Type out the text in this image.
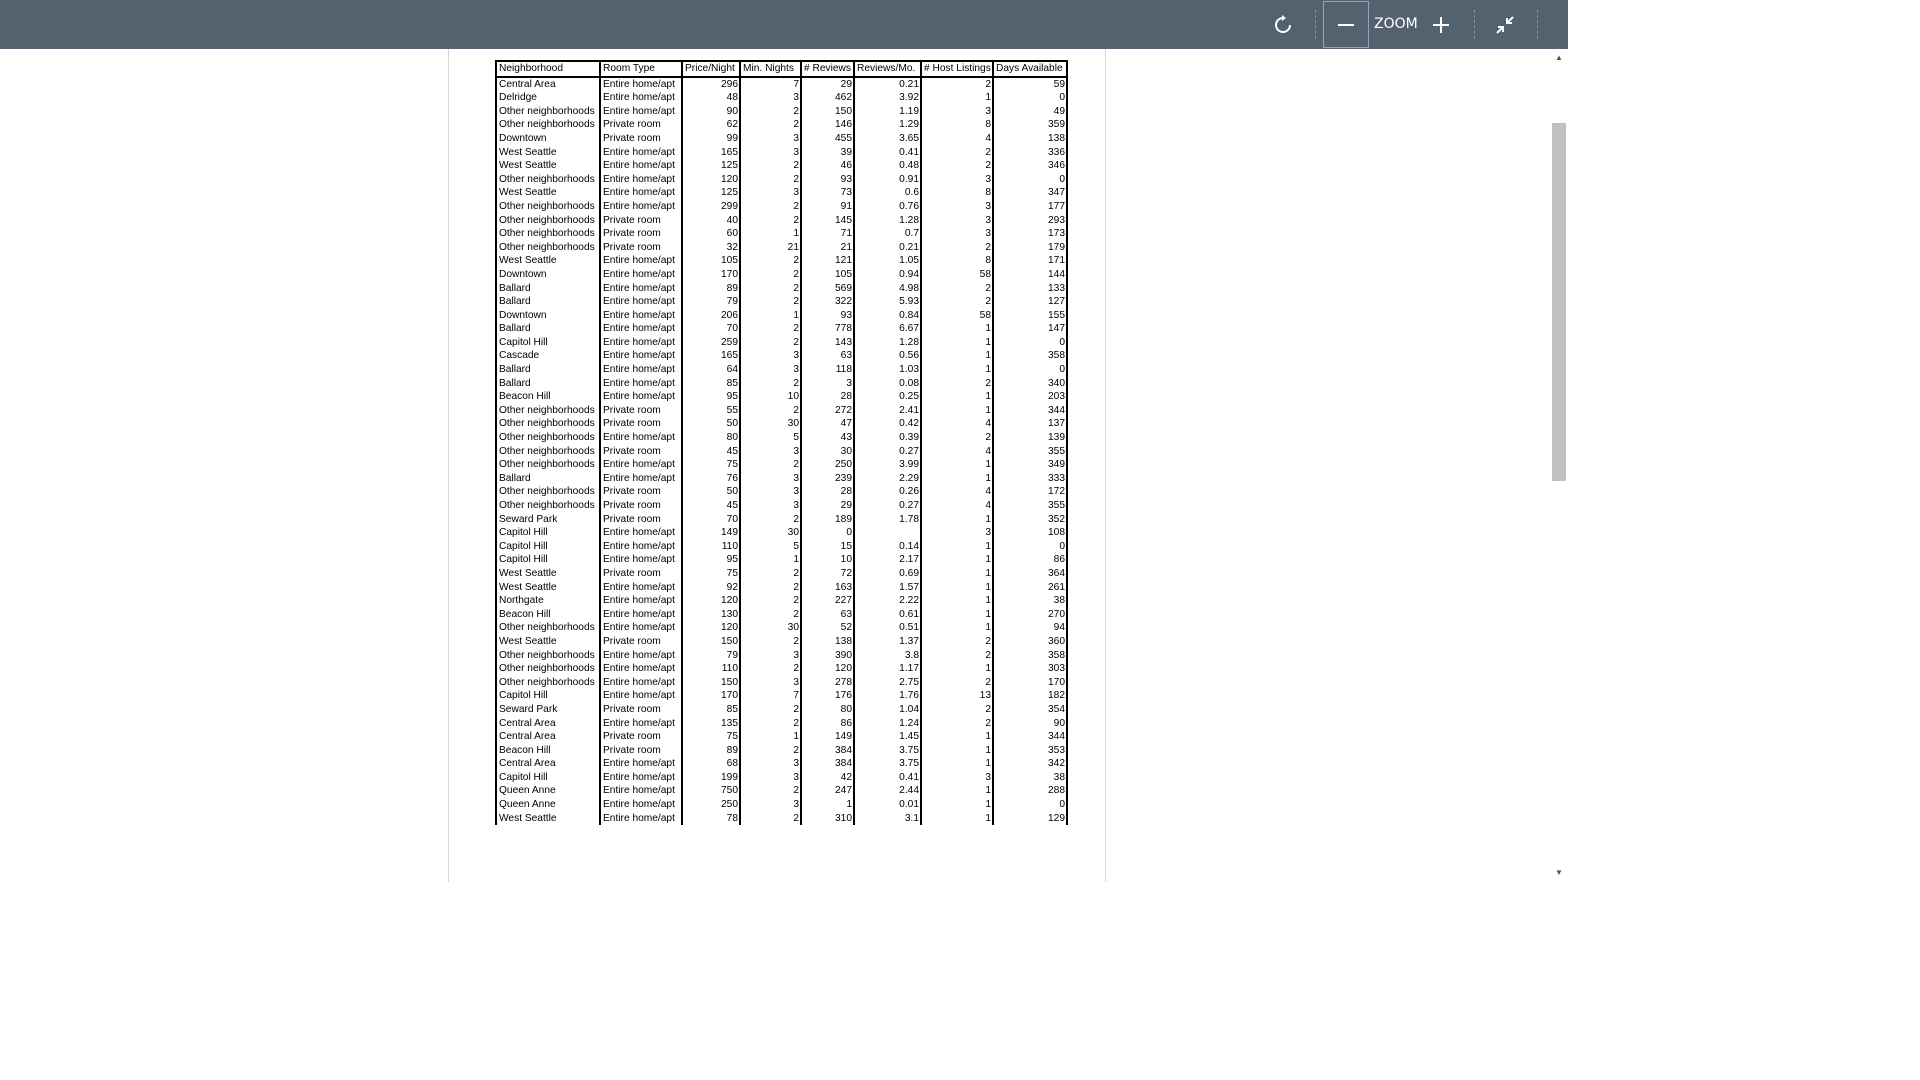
ZOOM
Neighborhood	Room Type	Price/Night	Min. Nights	# Reviews	Reviews/Mo.	# Host Listings	Days Available
Central Area	Entire home/apt	296	7	29	0.21	2	59
Delridge	Entire home/apt	48	3	462	3.92	1	0
Other neighborhoods	Entire home/apt	90	2	150	1.19	3	49
Other neighborhoods	Private room	62	2	146	1.29	8	359
Downtown	Private room	99	3	455	3.65	4	138
West Seattle	Entire home/apt	165	3	39	0.41	2	336
West Seattle	Entire home/apt	125	2	46	0.48	2	346
Other neighborhoods	Entire home/apt	120	2	93	0.91	3	0
West Seattle	Entire home/apt	125	3	73	0.6	8	347
Other neighborhoods	Entire home/apt	299	2	91	0.76	3	177
Other neighborhoods	Private room	40	2	145	1.28	3	293
Other neighborhoods	Private room	60	1	71	0.7	3	173
Other neighborhoods	Private room	32	21	21	0.21	2	179
West Seattle	Entire home/apt	105	2	121	1.05	8	171
Downtown	Entire home/apt	170	2	105	0.94	58	144
Ballard	Entire home/apt	89	2	569	4.98	2	133
Ballard	Entire home/apt	79	2	322	5.93	2	127
Downtown	Entire home/apt	206	1	93	0.84	58	155
Ballard	Entire home/apt	70	2	778	6.67	1	147
Capitol Hill	Entire home/apt	259	2	143	1.28	1	0
Cascade	Entire home/apt	165	3	63	0.56	1	358
Ballard	Entire home/apt	64	3	118	1.03	1	0
Ballard	Entire home/apt	85	2	3	0.08	2	340
Beacon Hill	Entire home/apt	95	10	28	0.25	1	203
Other neighborhoods	Private room	55	2	272	2.41	1	344
Other neighborhoods	Private room	50	30	47	0.42	4	137
Other neighborhoods	Entire home/apt	80	5	43	0.39	2	139
Other neighborhoods	Private room	45	3	30	0.27	4	355
Other neighborhoods	Entire home/apt	75	2	250	3.99	1	349
Ballard	Entire home/apt	76	3	239	2.29	1	333
Other neighborhoods	Private room	50	3	28	0.26	4	172
Other neighborhoods	Private room	45	3	29	0.27	4	355
Seward Park	Private room	70	2	189	1.78	1	352
Capitol Hill	Entire home/apt	149	30	0		3	108
Capitol Hill	Entire home/apt	110	5	15	0.14	1	0
Capitol Hill	Entire home/apt	95	1	10	2.17	1	86
West Seattle	Private room	75	2	72	0.69	1	364
West Seattle	Entire home/apt	92	2	163	1.57	1	261
Northgate	Entire home/apt	120	2	227	2.22	1	38
Beacon Hill	Entire home/apt	130	2	63	0.61	1	270
Other neighborhoods	Entire home/apt	120	30	52	0.51	1	94
West Seattle	Private room	150	2	138	1.37	2	360
Other neighborhoods	Entire home/apt	79	3	390	3.8	2	358
Other neighborhoods	Entire home/apt	110	2	120	1.17	1	303
Other neighborhoods	Entire home/apt	150	3	278	2.75	2	170
Capitol Hill	Entire home/apt	170	7	176	1.76	13	182
Seward Park	Private room	85	2	80	1.04	2	354
Central Area	Entire home/apt	135	2	86	1.24	2	90
Central Area	Private room	75	1	149	1.45	1	344
Beacon Hill	Private room	89	2	384	3.75	1	353
Central Area	Entire home/apt	68	3	384	3.75	1	342
Capitol Hill	Entire home/apt	199	3	42	0.41	3	38
Queen Anne	Entire home/apt	750	2	247	2.44	1	288
Queen Anne	Entire home/apt	250	3	1	0.01	1	0
West Seattle	Entire home/apt	78	2	310	3.1	1	129
▲
▼
